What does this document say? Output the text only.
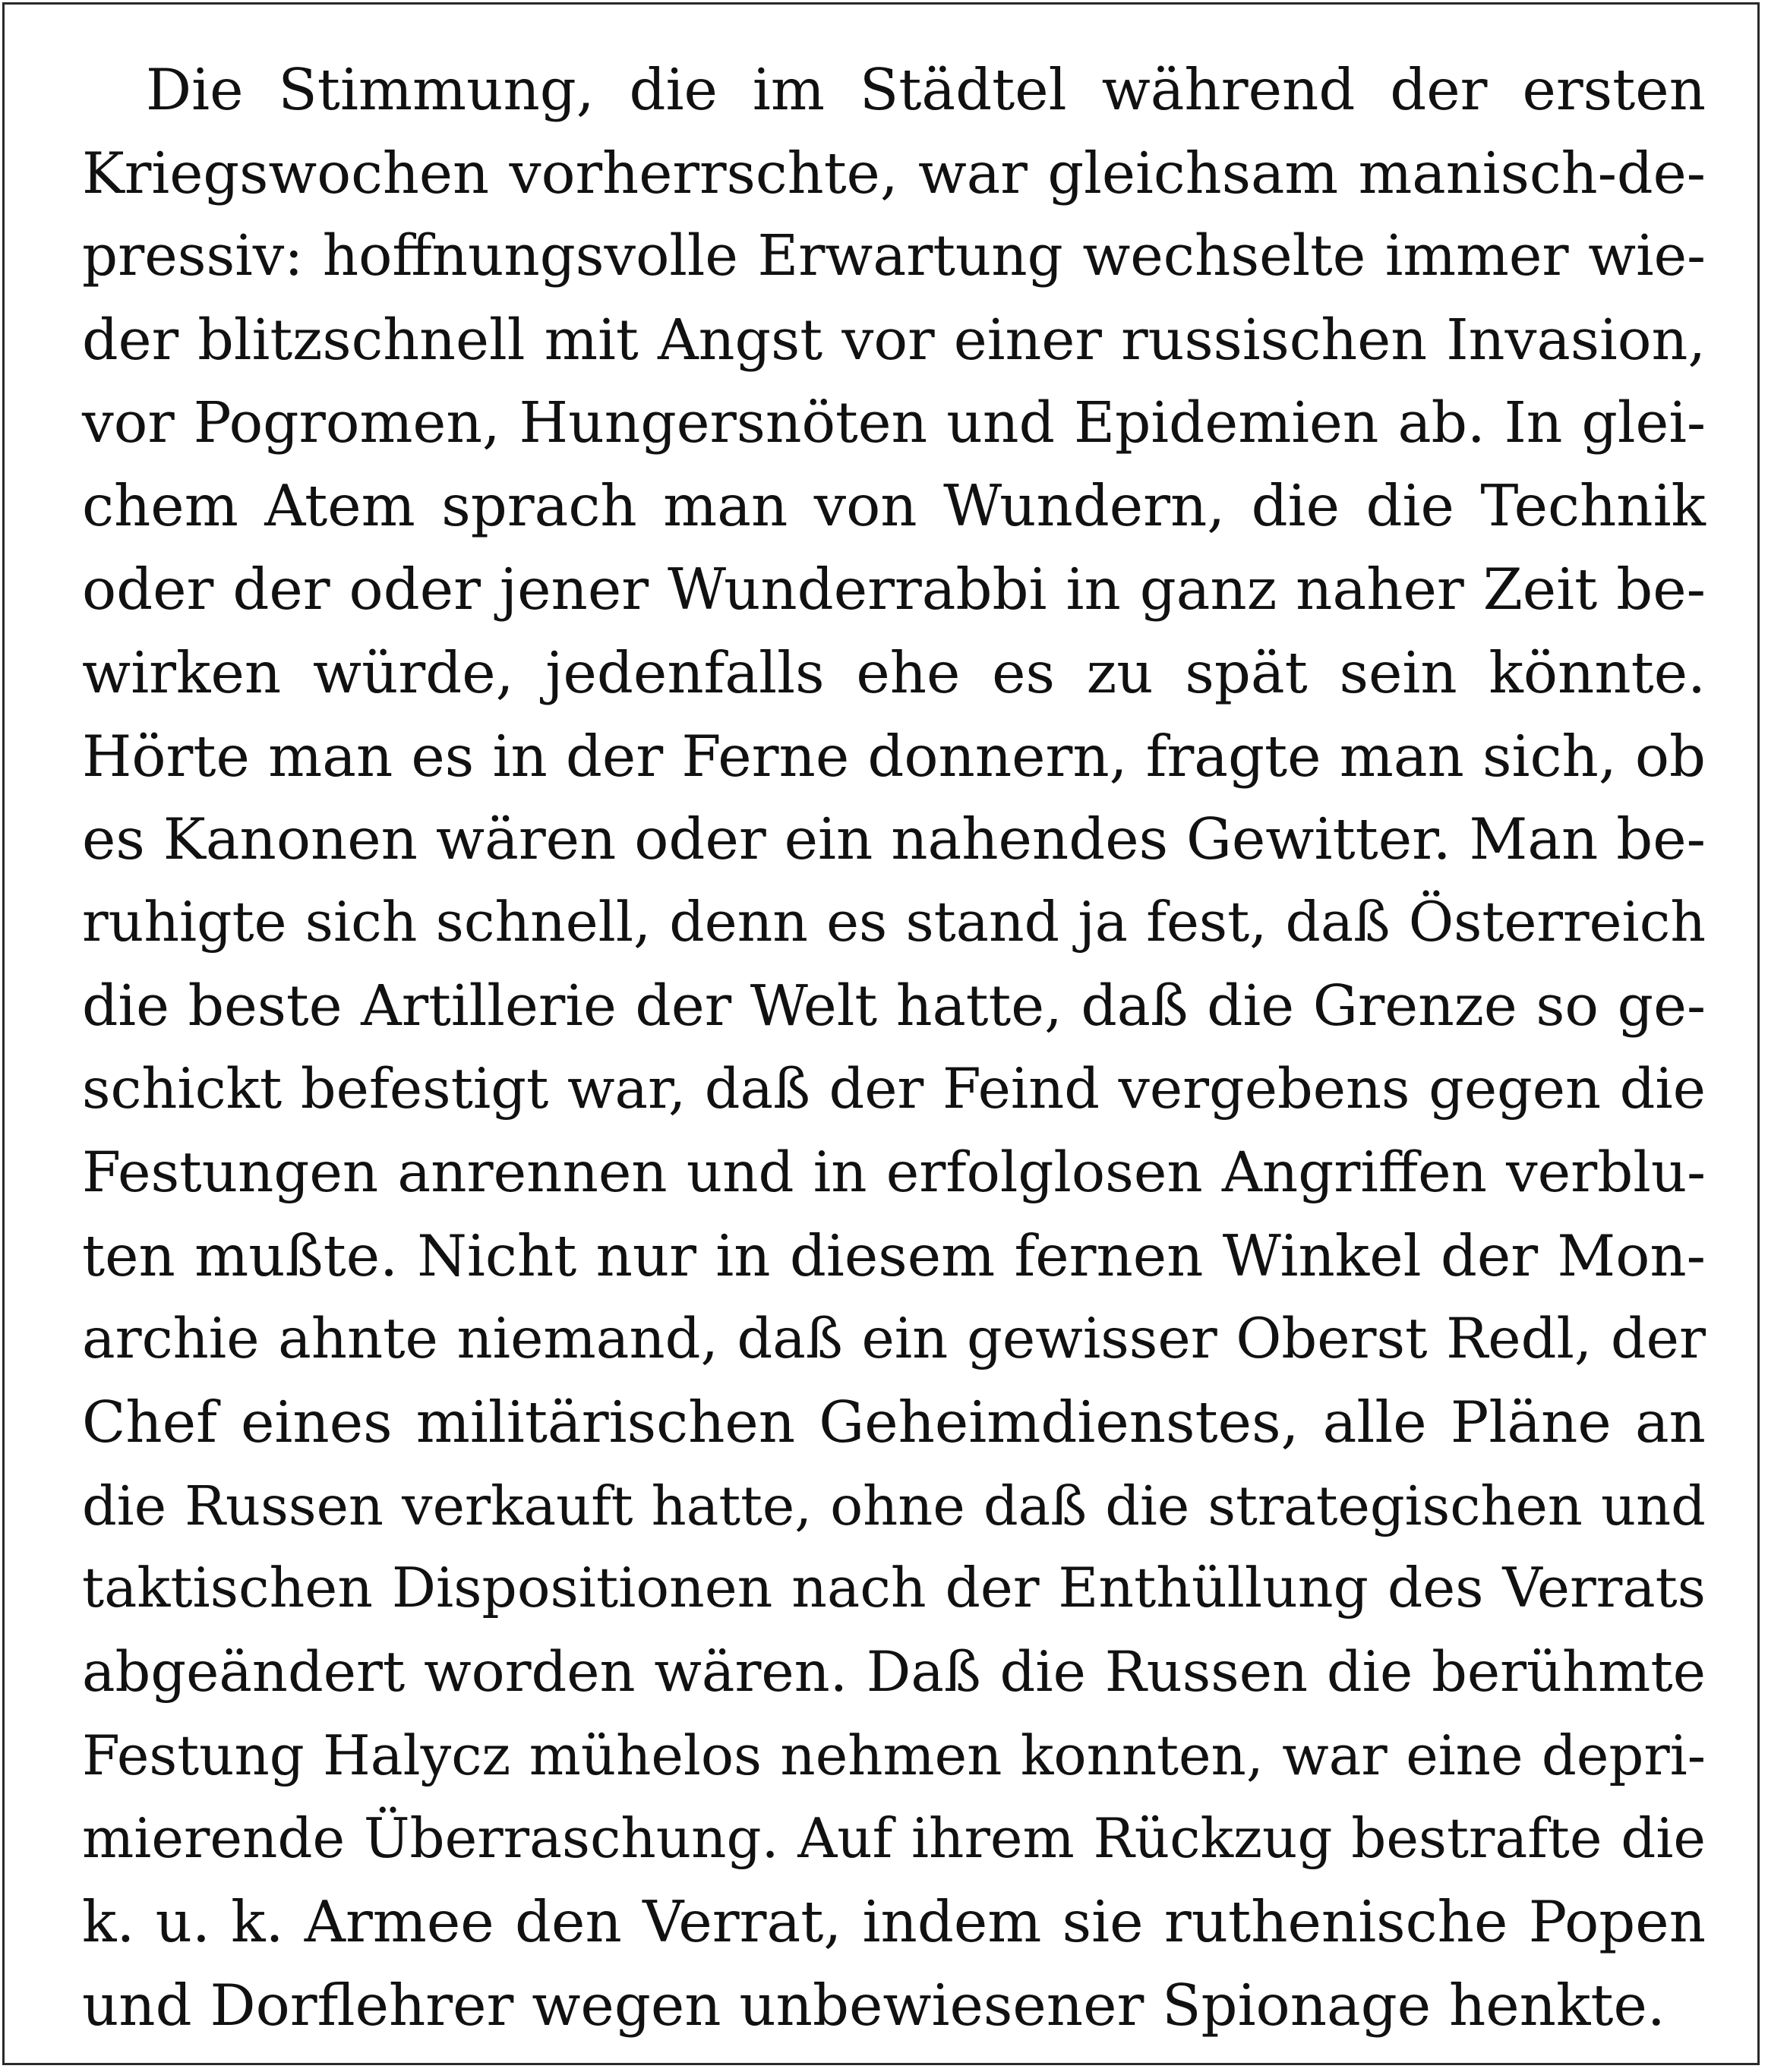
Die Stimmung, die im Städtel während der ersten
Kriegswochen vorherrschte, war gleichsam manisch-de-
pressiv: hoffnungsvolle Erwartung wechselte immer wie-
der blitzschnell mit Angst vor einer russischen Invasion,
vor Pogromen, Hungersnöten und Epidemien ab. In glei-
chem Atem sprach man von Wundern, die die Technik
oder der oder jener Wunderrabbi in ganz naher Zeit be-
wirken würde, jedenfalls ehe es zu spät sein könnte.
Hörte man es in der Ferne donnern, fragte man sich, ob
es Kanonen wären oder ein nahendes Gewitter. Man be-
ruhigte sich schnell, denn es stand ja fest, daß Österreich
die beste Artillerie der Welt hatte, daß die Grenze so ge-
schickt befestigt war, daß der Feind vergebens gegen die
Festungen anrennen und in erfolglosen Angriffen verblu-
ten mußte. Nicht nur in diesem fernen Winkel der Mon-
archie ahnte niemand, daß ein gewisser Oberst Redl, der
Chef eines militärischen Geheimdienstes, alle Pläne an
die Russen verkauft hatte, ohne daß die strategischen und
taktischen Dispositionen nach der Enthüllung des Verrats
abgeändert worden wären. Daß die Russen die berühmte
Festung Halycz mühelos nehmen konnten, war eine depri-
mierende Überraschung. Auf ihrem Rückzug bestrafte die
k. u. k. Armee den Verrat, indem sie ruthenische Popen
und Dorflehrer wegen unbewiesener Spionage henkte.
